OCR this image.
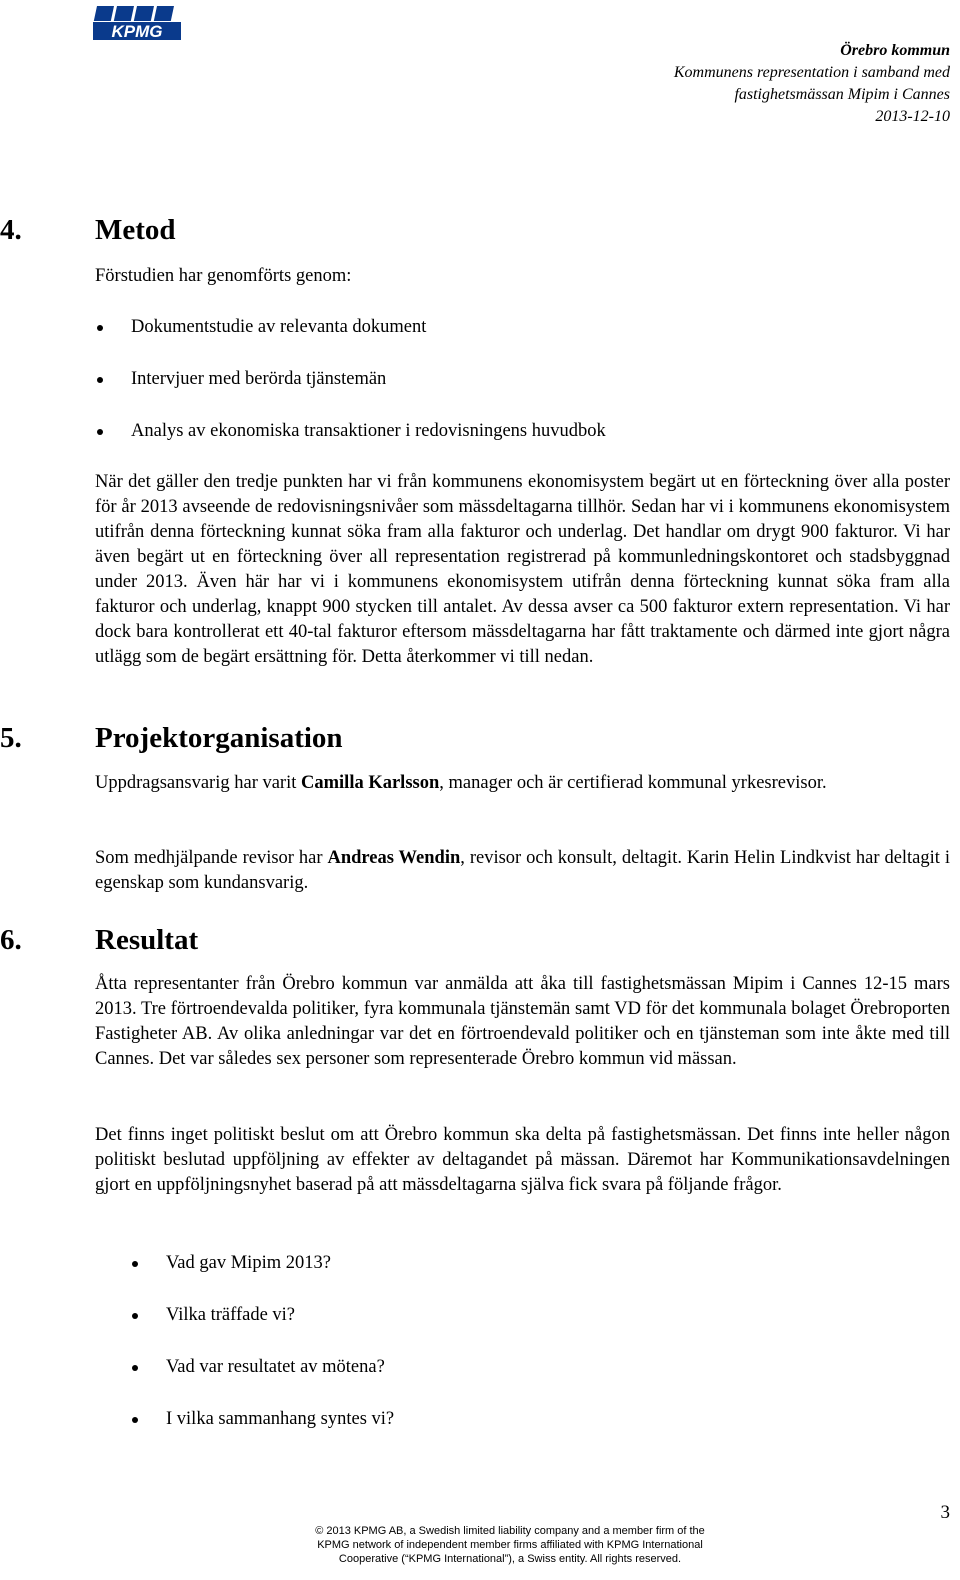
KPMG
Örebro kommun
Kommunens representation i samband med
fastighetsmässan Mipim i Cannes
2013-12-10
4.	Metod

Förstudien har genomförts genom:

Dokumentstudie av relevanta dokument
Intervjuer med berörda tjänstemän
Analys av ekonomiska transaktioner i redovisningens huvudbok

När det gäller den tredje punkten har vi från kommunens ekonomisystem begärt ut en förteckning över alla poster för år 2013 avseende de redovisningsnivåer som mässdeltagarna tillhör. Sedan har vi i kommunens ekonomisystem utifrån denna förteckning kunnat söka fram alla fakturor och underlag. Det handlar om drygt 900 fakturor. Vi har även begärt ut en förteckning över all representation registrerad på kommunledningskontoret och stadsbyggnad under 2013. Även här har vi i kommunens ekonomisystem utifrån denna förteckning kunnat söka fram alla fakturor och underlag, knappt 900 stycken till antalet. Av dessa avser ca 500 fakturor extern representation. Vi har dock bara kontrollerat ett 40-tal fakturor eftersom mässdeltagarna har fått traktamente och därmed inte gjort några utlägg som de begärt ersättning för. Detta återkommer vi till nedan.

5.	Projektorganisation

Uppdragsansvarig har varit Camilla Karlsson, manager och är certifierad kommunal yrkesrevisor.

Som medhjälpande revisor har Andreas Wendin, revisor och konsult, deltagit. Karin Helin Lindkvist har deltagit i egenskap som kundansvarig.

6.	Resultat

Åtta representanter från Örebro kommun var anmälda att åka till fastighetsmässan Mipim i Cannes 12-15 mars 2013. Tre förtroendevalda politiker, fyra kommunala tjänstemän samt VD för det kommunala bolaget Örebroporten Fastigheter AB. Av olika anledningar var det en förtroendevald politiker och en tjänsteman som inte åkte med till Cannes. Det var således sex personer som representerade Örebro kommun vid mässan.

Det finns inget politiskt beslut om att Örebro kommun ska delta på fastighetsmässan. Det finns inte heller någon politiskt beslutad uppföljning av effekter av deltagandet på mässan. Däremot har Kommunikationsavdelningen gjort en uppföljningsnyhet baserad på att mässdeltagarna själva fick svara på följande frågor.

Vad gav Mipim 2013?
Vilka träffade vi?
Vad var resultatet av mötena?
I vilka sammanhang syntes vi?
3
© 2013 KPMG AB, a Swedish limited liability company and a member firm of the
KPMG network of independent member firms affiliated with KPMG International
Cooperative (“KPMG International”), a Swiss entity. All rights reserved.
